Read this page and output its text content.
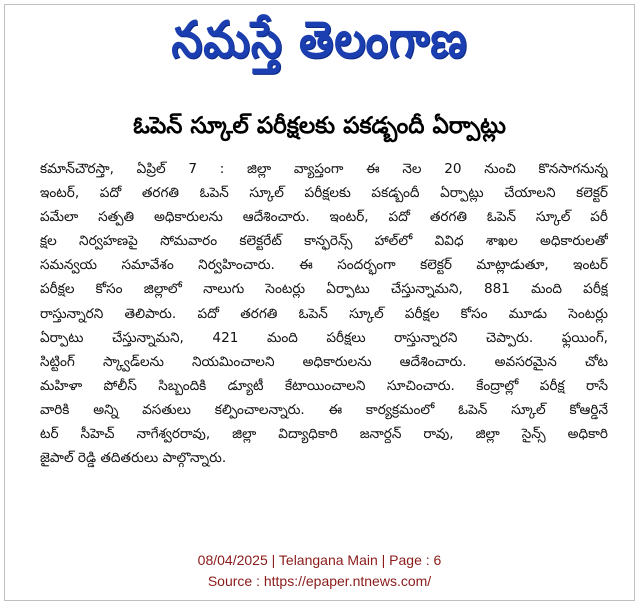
నమస్తే తెలంగాణ
ఓపెన్ స్కూల్ పరీక్షలకు పకడ్బందీ ఏర్పాట్లు
కమాన్‌చౌరస్తా, ఏప్రిల్ 7 : జిల్లా వ్యాప్తంగా ఈ నెల 20 నుంచి కొనసాగనున్న
ఇంటర్, పదో తరగతి ఓపెన్ స్కూల్ పరీక్షలకు పకడ్బందీ ఏర్పాట్లు చేయాలని కలెక్టర్
పమేలా సత్పతి అధికారులను ఆదేశించారు. ఇంటర్, పదో తరగతి ఓపెన్ స్కూల్ పరీ
క్షల నిర్వహణపై సోమవారం కలెక్టరేట్ కాన్ఫరెన్స్ హాల్‌లో వివిధ శాఖల అధికారులతో
సమన్వయ సమావేశం నిర్వహించారు. ఈ సందర్భంగా కలెక్టర్ మాట్లాడుతూ, ఇంటర్
పరీక్షల కోసం జిల్లాలో నాలుగు సెంటర్లు ఏర్పాటు చేస్తున్నామని, 881 మంది పరీక్ష
రాస్తున్నారని తెలిపారు. పదో తరగతి ఓపెన్ స్కూల్ పరీక్షల కోసం మూడు సెంటర్లు
ఏర్పాటు చేస్తున్నామని, 421 మంది పరీక్షలు రాస్తున్నారని చెప్పారు. ఫ్లయింగ్,
సిట్టింగ్ స్క్వాడ్‌లను నియమించాలని అధికారులను ఆదేశించారు. అవసరమైన చోట
మహిళా పోలీస్ సిబ్బందికి డ్యూటీ కేటాయించాలని సూచించారు. కేంద్రాల్లో పరీక్ష రాసే
వారికి అన్ని వసతులు కల్పించాలన్నారు. ఈ కార్యక్రమంలో ఓపెన్ స్కూల్ కోఆర్డినే
టర్ సీహెచ్ నాగేశ్వరరావు, జిల్లా విద్యాధికారి జనార్దన్ రావు, జిల్లా సైన్స్ అధికారి
జైపాల్ రెడ్డి తదితరులు పాల్గొన్నారు.
08/04/2025 | Telangana Main | Page : 6
Source : https://epaper.ntnews.com/
